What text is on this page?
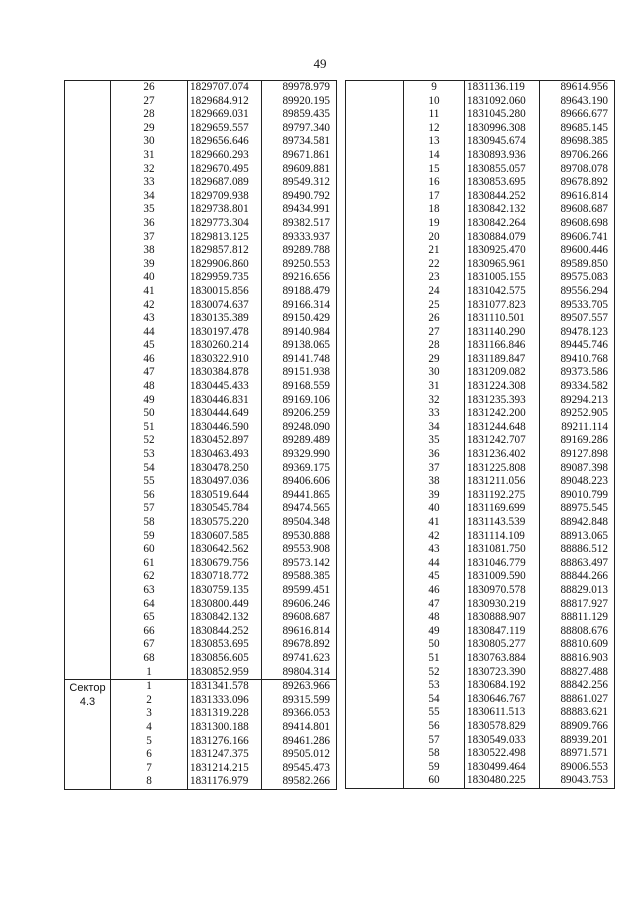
49
	26	1829707.074	89978.979
	27	1829684.912	89920.195
	28	1829669.031	89859.435
	29	1829659.557	89797.340
	30	1829656.646	89734.581
	31	1829660.293	89671.861
	32	1829670.495	89609.881
	33	1829687.089	89549.312
	34	1829709.938	89490.792
	35	1829738.801	89434.991
	36	1829773.304	89382.517
	37	1829813.125	89333.937
	38	1829857.812	89289.788
	39	1829906.860	89250.553
	40	1829959.735	89216.656
	41	1830015.856	89188.479
	42	1830074.637	89166.314
	43	1830135.389	89150.429
	44	1830197.478	89140.984
	45	1830260.214	89138.065
	46	1830322.910	89141.748
	47	1830384.878	89151.938
	48	1830445.433	89168.559
	49	1830446.831	89169.106
	50	1830444.649	89206.259
	51	1830446.590	89248.090
	52	1830452.897	89289.489
	53	1830463.493	89329.990
	54	1830478.250	89369.175
	55	1830497.036	89406.606
	56	1830519.644	89441.865
	57	1830545.784	89474.565
	58	1830575.220	89504.348
	59	1830607.585	89530.888
	60	1830642.562	89553.908
	61	1830679.756	89573.142
	62	1830718.772	89588.385
	63	1830759.135	89599.451
	64	1830800.449	89606.246
	65	1830842.132	89608.687
	66	1830844.252	89616.814
	67	1830853.695	89678.892
	68	1830856.605	89741.623
	1	1830852.959	89804.314
Сектор
4.3	1	1831341.578	89263.966
	2	1831333.096	89315.599
	3	1831319.228	89366.053
	4	1831300.188	89414.801
	5	1831276.166	89461.286
	6	1831247.375	89505.012
	7	1831214.215	89545.473
	8	1831176.979	89582.266
	9	1831136.119	89614.956
	10	1831092.060	89643.190
	11	1831045.280	89666.677
	12	1830996.308	89685.145
	13	1830945.674	89698.385
	14	1830893.936	89706.266
	15	1830855.057	89708.078
	16	1830853.695	89678.892
	17	1830844.252	89616.814
	18	1830842.132	89608.687
	19	1830842.264	89608.698
	20	1830884.079	89606.741
	21	1830925.470	89600.446
	22	1830965.961	89589.850
	23	1831005.155	89575.083
	24	1831042.575	89556.294
	25	1831077.823	89533.705
	26	1831110.501	89507.557
	27	1831140.290	89478.123
	28	1831166.846	89445.746
	29	1831189.847	89410.768
	30	1831209.082	89373.586
	31	1831224.308	89334.582
	32	1831235.393	89294.213
	33	1831242.200	89252.905
	34	1831244.648	89211.114
	35	1831242.707	89169.286
	36	1831236.402	89127.898
	37	1831225.808	89087.398
	38	1831211.056	89048.223
	39	1831192.275	89010.799
	40	1831169.699	88975.545
	41	1831143.539	88942.848
	42	1831114.109	88913.065
	43	1831081.750	88886.512
	44	1831046.779	88863.497
	45	1831009.590	88844.266
	46	1830970.578	88829.013
	47	1830930.219	88817.927
	48	1830888.907	88811.129
	49	1830847.119	88808.676
	50	1830805.277	88810.609
	51	1830763.884	88816.903
	52	1830723.390	88827.488
	53	1830684.192	88842.256
	54	1830646.767	88861.027
	55	1830611.513	88883.621
	56	1830578.829	88909.766
	57	1830549.033	88939.201
	58	1830522.498	88971.571
	59	1830499.464	89006.553
	60	1830480.225	89043.753
